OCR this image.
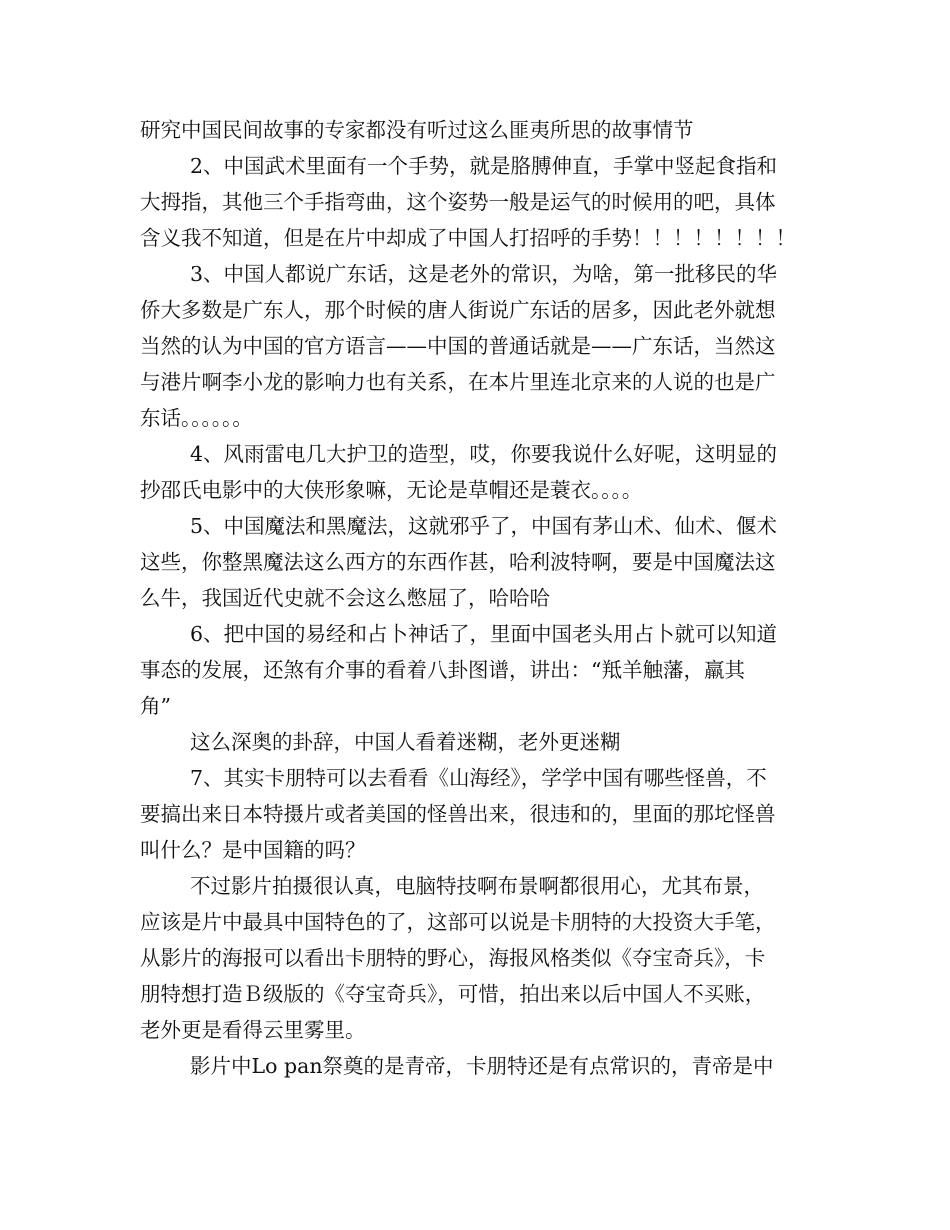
研究中国民间故事的专家都没有听过这么匪夷所思的故事情节
2、中国武术里面有一个手势，就是胳膊伸直，手掌中竖起食指和
大拇指，其他三个手指弯曲，这个姿势一般是运气的时候用的吧，具体
含义我不知道，但是在片中却成了中国人打招呼的手势！！！！！！！！
3、中国人都说广东话，这是老外的常识，为啥，第一批移民的华
侨大多数是广东人，那个时候的唐人街说广东话的居多，因此老外就想
当然的认为中国的官方语言——中国的普通话就是——广东话，当然这
与港片啊李小龙的影响力也有关系，在本片里连北京来的人说的也是广
东话。。。。。。
4、风雨雷电几大护卫的造型，哎，你要我说什么好呢，这明显的
抄邵氏电影中的大侠形象嘛，无论是草帽还是蓑衣。。。。
5、中国魔法和黑魔法，这就邪乎了，中国有茅山术、仙术、偃术
这些，你整黑魔法这么西方的东西作甚，哈利波特啊，要是中国魔法这
么牛，我国近代史就不会这么憋屈了，哈哈哈
6、把中国的易经和占卜神话了，里面中国老头用占卜就可以知道
事态的发展，还煞有介事的看着八卦图谱，讲出：“羝羊触藩，羸其
角”
这么深奥的卦辞，中国人看着迷糊，老外更迷糊
7、其实卡朋特可以去看看《山海经》，学学中国有哪些怪兽，不
要搞出来日本特摄片或者美国的怪兽出来，很违和的，里面的那坨怪兽
叫什么？是中国籍的吗？
不过影片拍摄很认真，电脑特技啊布景啊都很用心，尤其布景，
应该是片中最具中国特色的了，这部可以说是卡朋特的大投资大手笔，
从影片的海报可以看出卡朋特的野心，海报风格类似《夺宝奇兵》，卡
朋特想打造Ｂ级版的《夺宝奇兵》，可惜，拍出来以后中国人不买账，
老外更是看得云里雾里。
影片中Lo pan祭奠的是青帝，卡朋特还是有点常识的，青帝是中
